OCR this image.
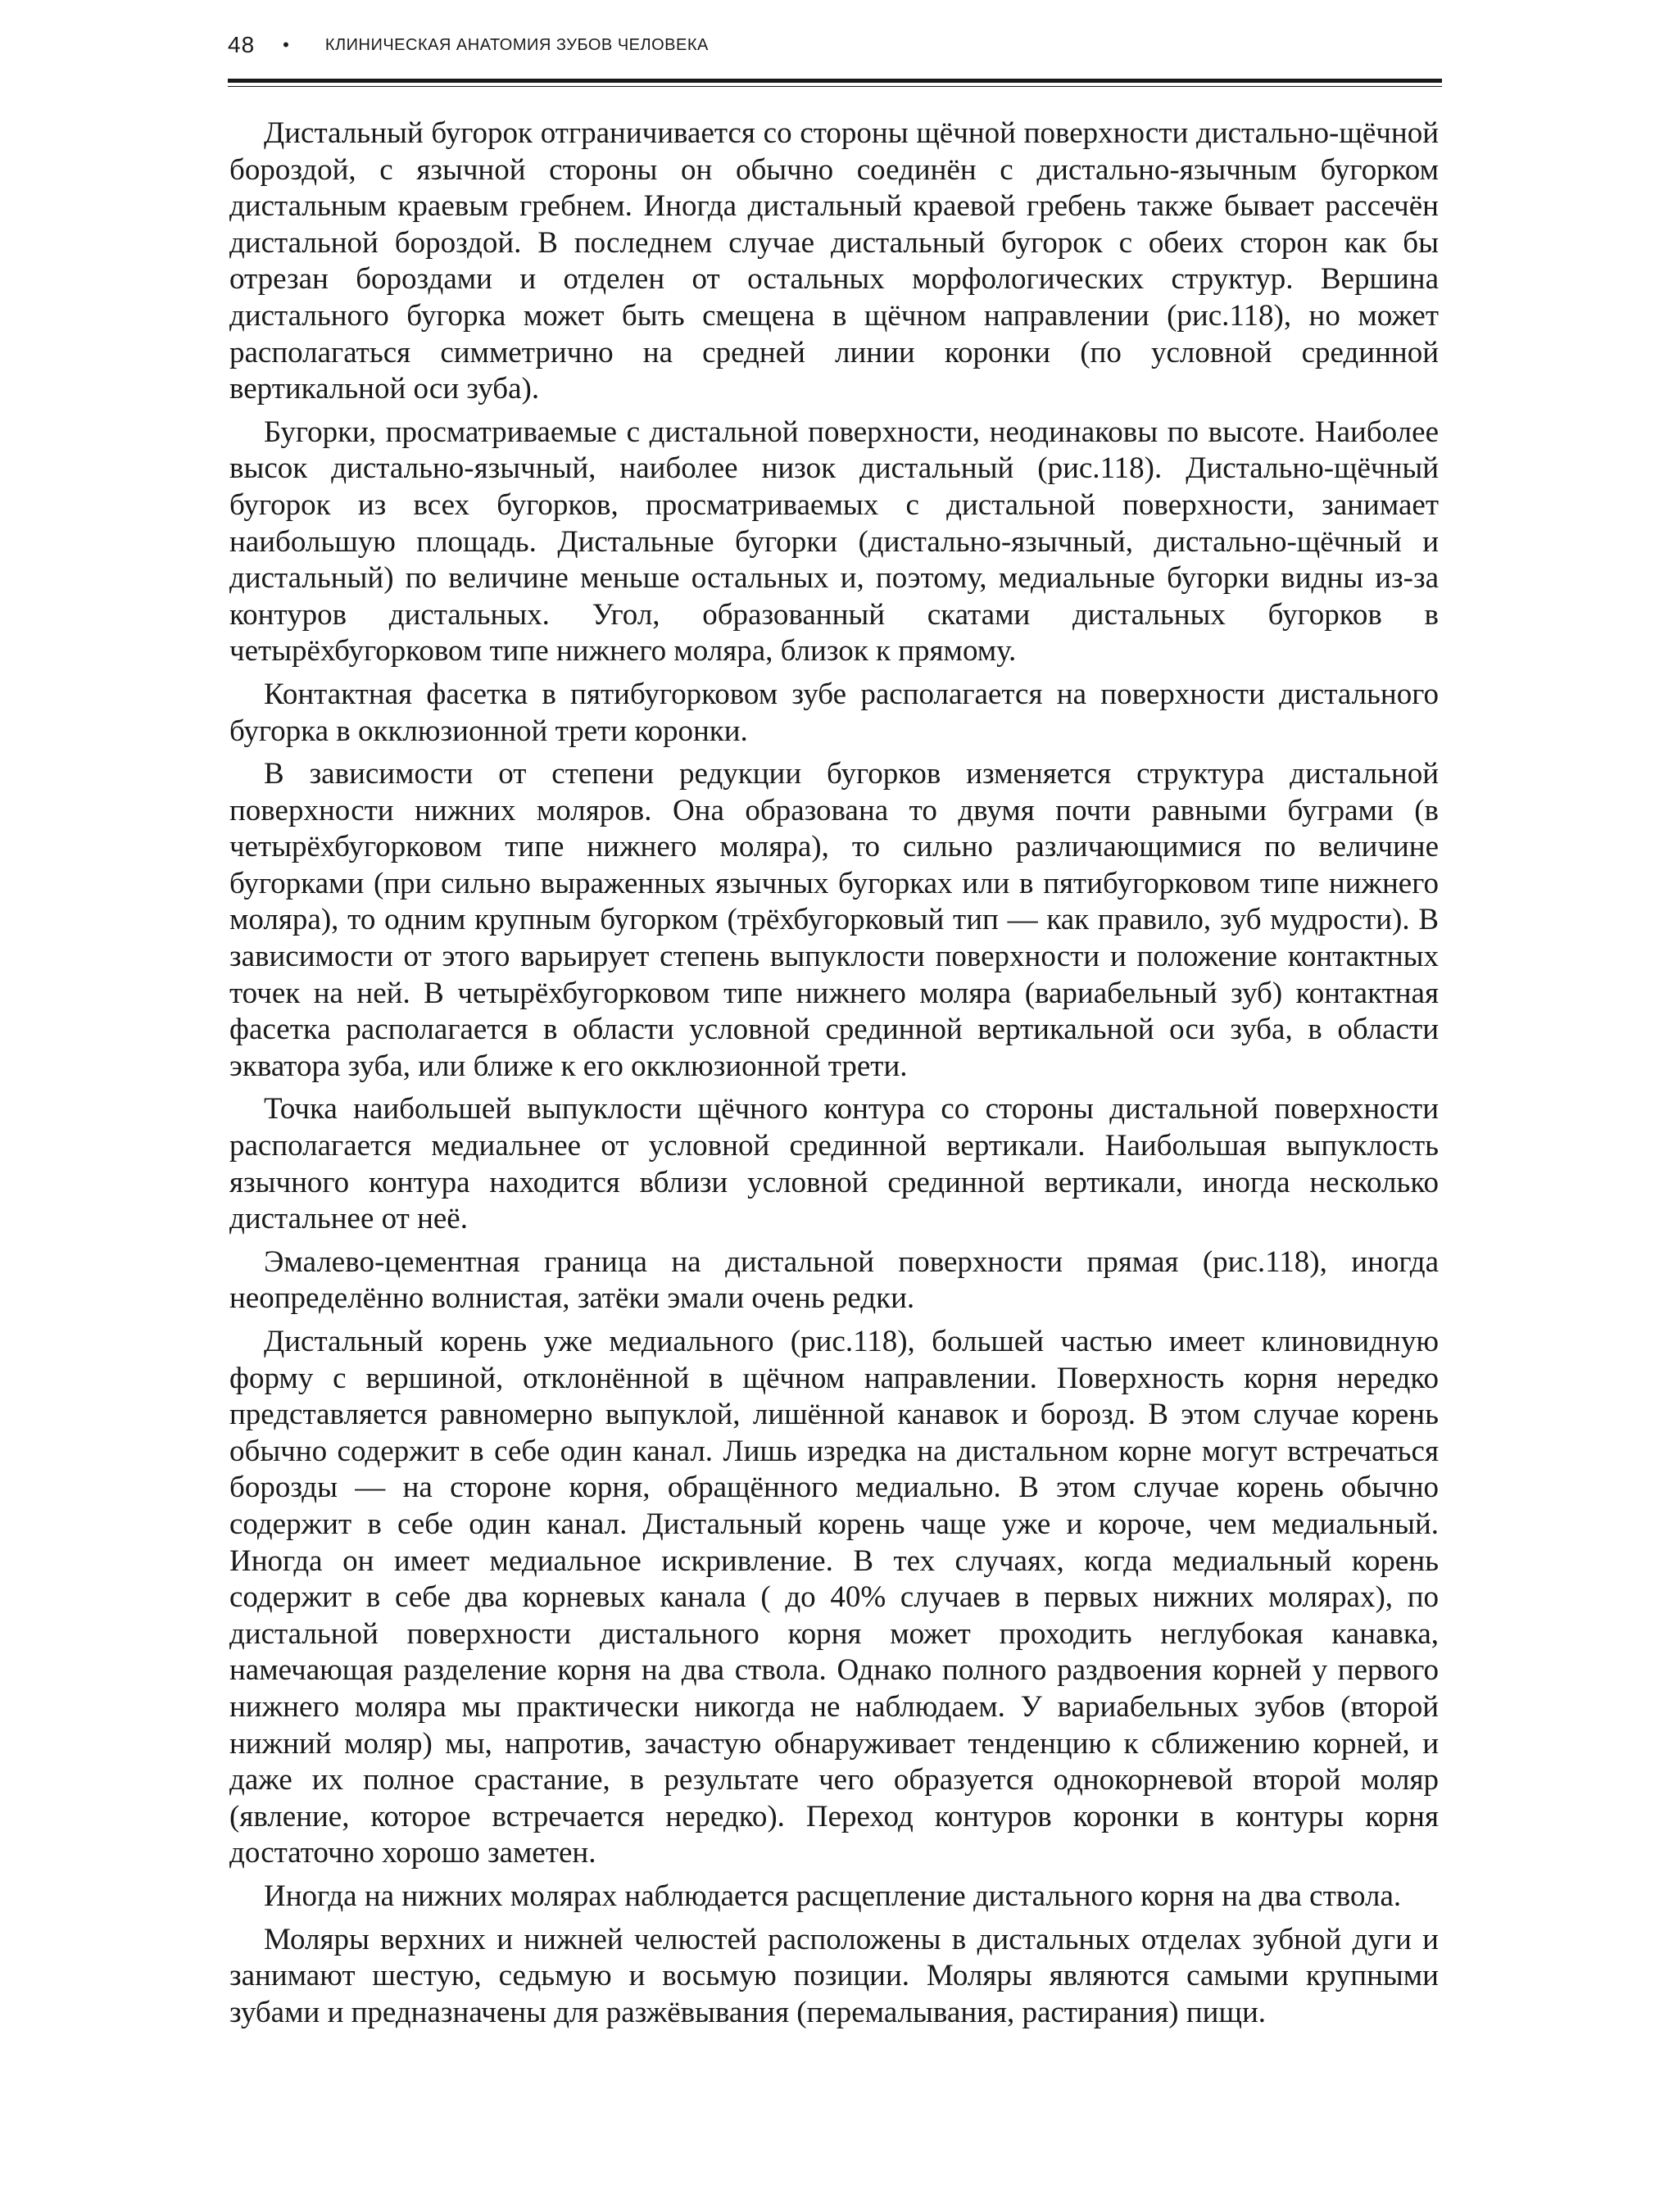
48 • КЛИНИЧЕСКАЯ АНАТОМИЯ ЗУБОВ ЧЕЛОВЕКА

Дистальный бугорок отграничивается со стороны щёчной поверхности дистально-щёчной бороздой, с язычной стороны он обычно соединён с дистально-язычным бугорком дистальным краевым гребнем. Иногда дистальный краевой гребень также бывает рассечён дистальной бороздой. В последнем случае дистальный бугорок с обеих сторон как бы отрезан бороздами и отделен от остальных морфологических структур. Вершина дистального бугорка может быть смещена в щёчном направлении (рис.118), но может располагаться симметрично на средней линии коронки (по условной срединной вертикальной оси зуба).

Бугорки, просматриваемые с дистальной поверхности, неодинаковы по высоте. Наиболее высок дистально-язычный, наиболее низок дистальный (рис.118). Дистально-щёчный бугорок из всех бугорков, просматриваемых с дистальной поверхности, занимает наибольшую площадь. Дистальные бугорки (дистально-язычный, дистально-щёчный и дистальный) по величине меньше остальных и, поэтому, медиальные бугорки видны из-за контуров дистальных. Угол, образованный скатами дистальных бугорков в четырёхбугорковом типе нижнего моляра, близок к прямому.

Контактная фасетка в пятибугорковом зубе располагается на поверхности дистального бугорка в окклюзионной трети коронки.

В зависимости от степени редукции бугорков изменяется структура дистальной поверхности нижних моляров. Она образована то двумя почти равными буграми (в четырёхбугорковом типе нижнего моляра), то сильно различающимися по величине бугорками (при сильно выраженных язычных бугорках или в пятибугорковом типе нижнего моляра), то одним крупным бугорком (трёхбугорковый тип — как правило, зуб мудрости). В зависимости от этого варьирует степень выпуклости поверхности и положение контактных точек на ней. В четырёхбугорковом типе нижнего моляра (вариабельный зуб) контактная фасетка располагается в области условной срединной вертикальной оси зуба, в области экватора зуба, или ближе к его окклюзионной трети.

Точка наибольшей выпуклости щёчного контура со стороны дистальной поверхности располагается медиальнее от условной срединной вертикали. Наибольшая выпуклость язычного контура находится вблизи условной срединной вертикали, иногда несколько дистальнее от неё.

Эмалево-цементная граница на дистальной поверхности прямая (рис.118), иногда неопределённо волнистая, затёки эмали очень редки.

Дистальный корень уже медиального (рис.118), большей частью имеет клиновидную форму с вершиной, отклонённой в щёчном направлении. Поверхность корня нередко представляется равномерно выпуклой, лишённой канавок и борозд. В этом случае корень обычно содержит в себе один канал. Лишь изредка на дистальном корне могут встречаться борозды — на стороне корня, обращённого медиально. В этом случае корень обычно содержит в себе один канал. Дистальный корень чаще уже и короче, чем медиальный. Иногда он имеет медиальное искривление. В тех случаях, когда медиальный корень содержит в себе два корневых канала ( до 40% случаев в первых нижних молярах), по дистальной поверхности дистального корня может проходить неглубокая канавка, намечающая разделение корня на два ствола. Однако полного раздвоения корней у первого нижнего моляра мы практически никогда не наблюдаем. У вариабельных зубов (второй нижний моляр) мы, напротив, зачастую обнаруживает тенденцию к сближению корней, и даже их полное срастание, в результате чего образуется однокорневой второй моляр (явление, которое встречается нередко). Переход контуров коронки в контуры корня достаточно хорошо заметен.

Иногда на нижних молярах наблюдается расщепление дистального корня на два ствола.

Моляры верхних и нижней челюстей расположены в дистальных отделах зубной дуги и занимают шестую, седьмую и восьмую позиции. Моляры являются самыми крупными зубами и предназначены для разжёвывания (перемалывания, растирания) пищи.
